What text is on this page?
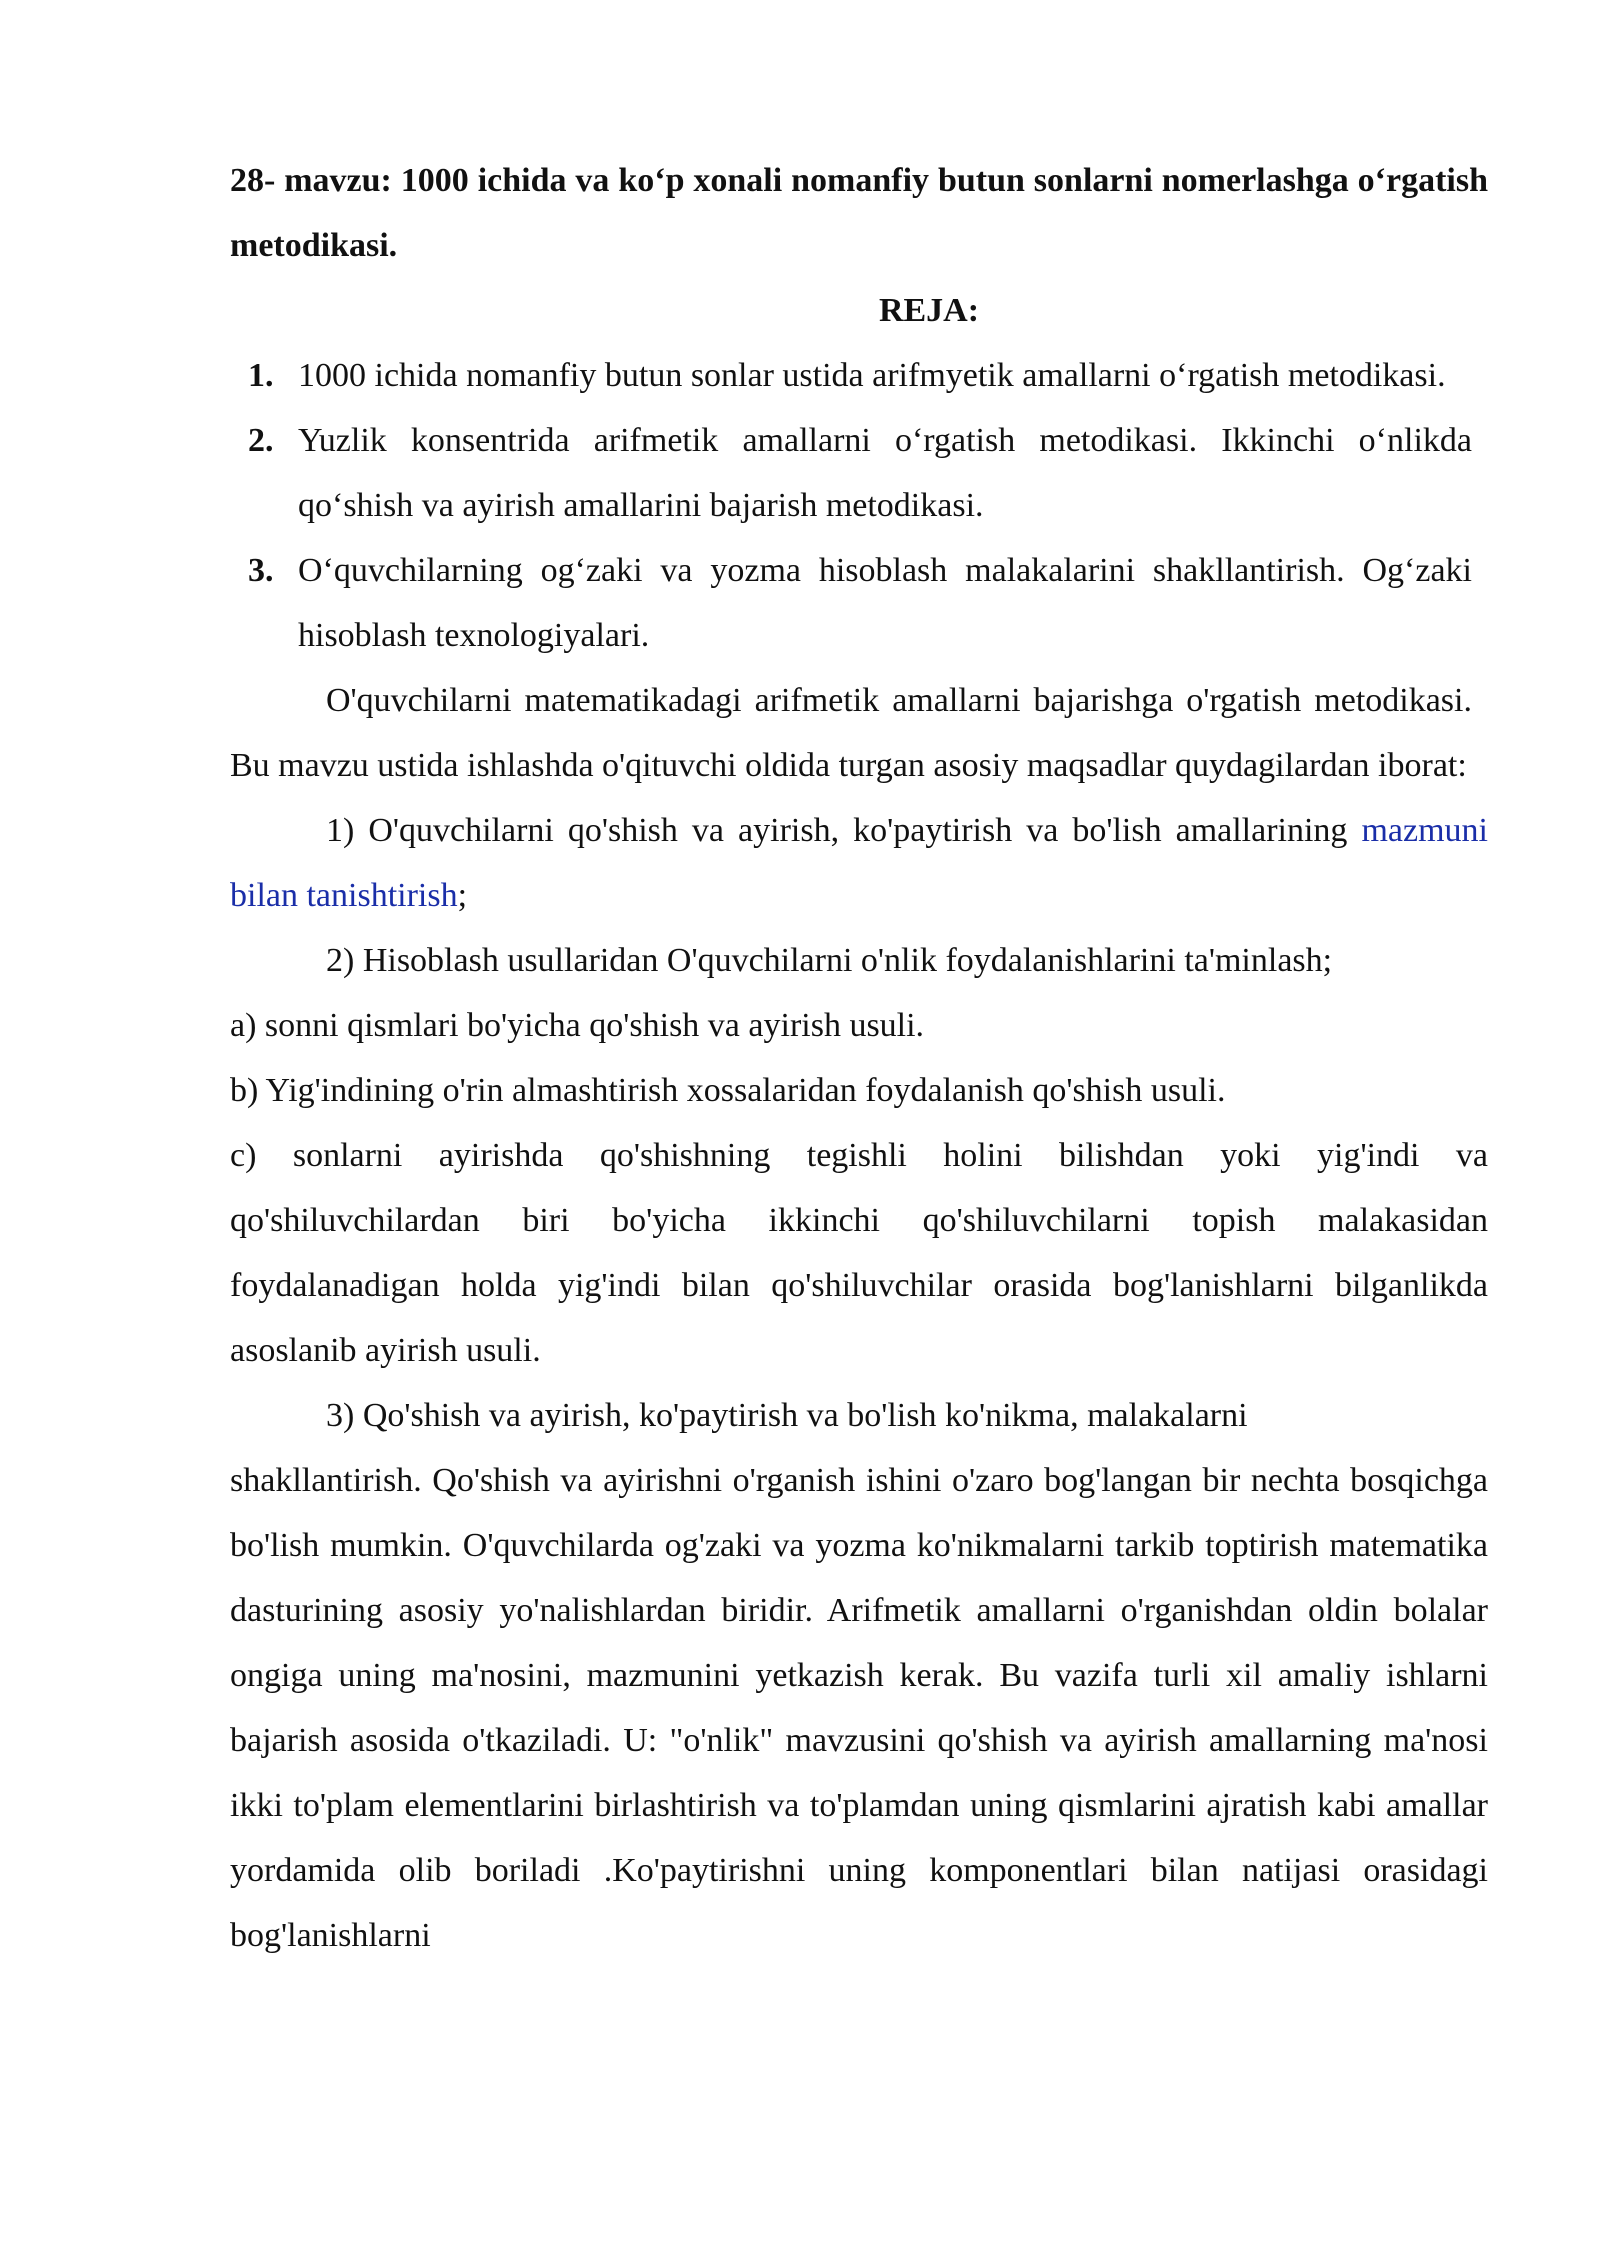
28- mavzu: 1000 ichida va ko‘p xonali nomanfiy butun sonlarni nomerlashga o‘rgatish metodikasi.

REJA:

1. 1000 ichida nomanfiy butun sonlar ustida arifmyetik amallarni o‘rgatish metodikasi.
2. Yuzlik konsentrida arifmetik amallarni o‘rgatish metodikasi. Ikkinchi o‘nlikda qo‘shish va ayirish amallarini bajarish metodikasi.
3. O‘quvchilarning og‘zaki va yozma hisoblash malakalarini shakllantirish. Og‘zaki hisoblash texnologiyalari.

O'quvchilarni matematikadagi arifmetik amallarni bajarishga o'rgatish metodikasi. Bu mavzu ustida ishlashda o'qituvchi oldida turgan asosiy maqsadlar quydagilardan iborat:

1) O'quvchilarni qo'shish va ayirish, ko'paytirish va bo'lish amallarining mazmuni bilan tanishtirish;

2) Hisoblash usullaridan O'quvchilarni o'nlik foydalanishlarini ta'minlash;

a) sonni qismlari bo'yicha qo'shish va ayirish usuli.

b) Yig'indining o'rin almashtirish xossalaridan foydalanish qo'shish usuli.

c) sonlarni ayirishda qo'shishning tegishli holini bilishdan yoki yig'indi va qo'shiluvchilardan biri bo'yicha ikkinchi qo'shiluvchilarni topish malakasidan foydalanadigan holda yig'indi bilan qo'shiluvchilar orasida bog'lanishlarni bilganlikda asoslanib ayirish usuli.

3) Qo'shish va ayirish, ko'paytirish va bo'lish ko'nikma, malakalarni

shakllantirish. Qo'shish va ayirishni o'rganish ishini o'zaro bog'langan bir nechta bosqichga bo'lish mumkin. O'quvchilarda og'zaki va yozma ko'nikmalarni tarkib toptirish matematika dasturining asosiy yo'nalishlardan biridir. Arifmetik amallarni o'rganishdan oldin bolalar ongiga uning ma'nosini, mazmunini yetkazish kerak. Bu vazifa turli xil amaliy ishlarni bajarish asosida o'tkaziladi. U: "o'nlik" mavzusini qo'shish va ayirish amallarning ma'nosi ikki to'plam elementlarini birlashtirish va to'plamdan uning qismlarini ajratish kabi amallar yordamida olib boriladi .Ko'paytirishni uning komponentlari bilan natijasi orasidagi bog'lanishlarni
